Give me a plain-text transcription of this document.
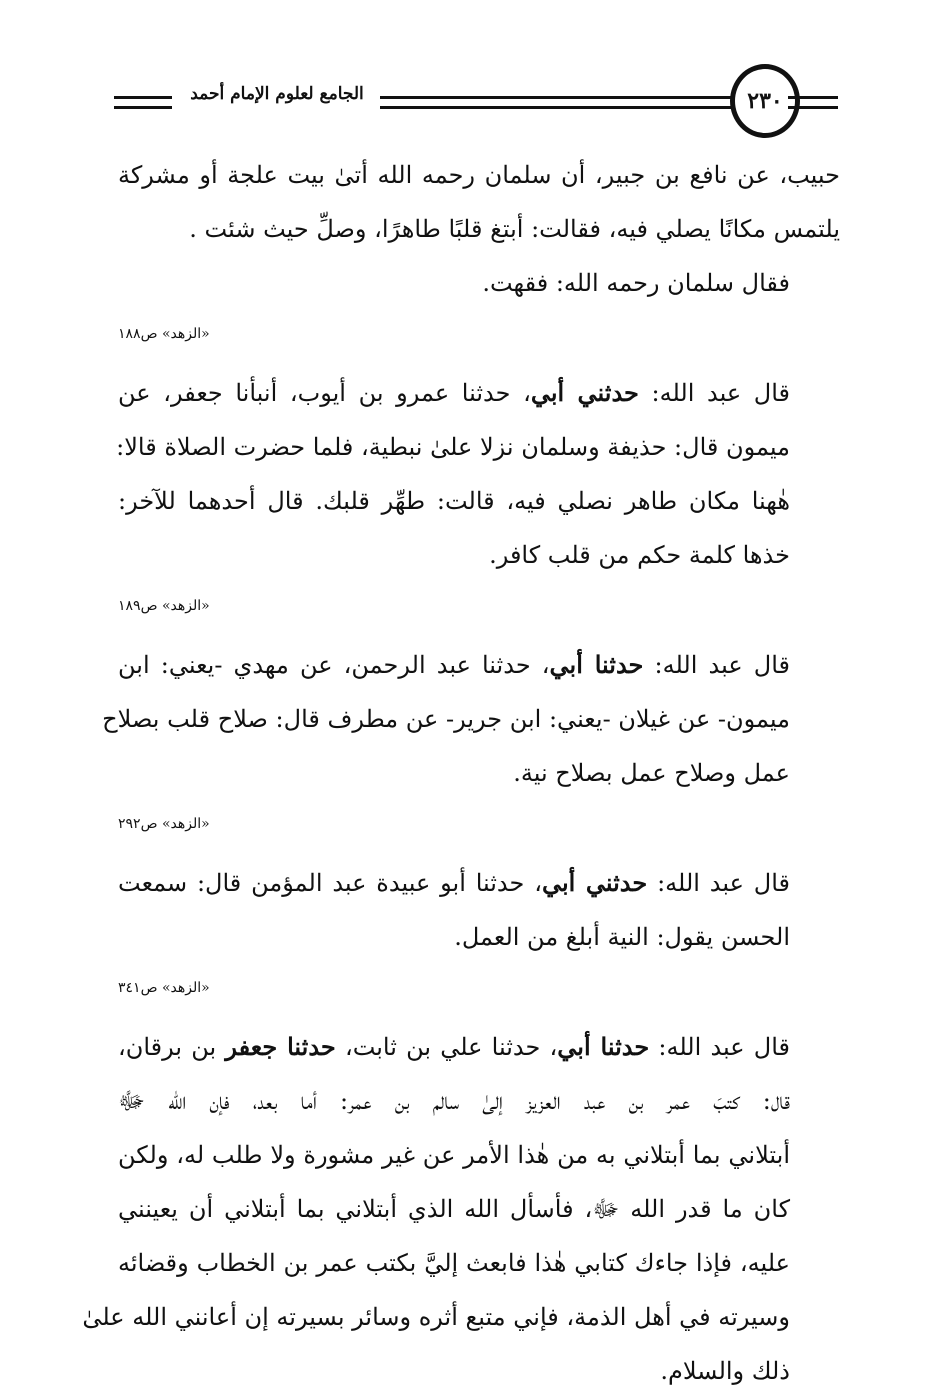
الجامع لعلوم الإمام أحمد	٢٣٠

حبيب، عن نافع بن جبير، أن سلمان رحمه الله أتىٰ بيت علجة أو مشركة
يلتمس مكانًا يصلي فيه، فقالت: أبتغ قلبًا طاهرًا، وصلِّ حيث شئت .

فقال سلمان رحمه الله: فقهت.

«الزهد» ص١٨٨

قال عبد الله: حدثني أبي، حدثنا عمرو بن أيوب، أنبأنا جعفر، عن
ميمون قال: حذيفة وسلمان نزلا علىٰ نبطية، فلما حضرت الصلاة قالا:
هٰهنا مكان طاهر نصلي فيه، قالت: طهِّر قلبك. قال أحدهما للآخر:
خذها كلمة حكم من قلب كافر.

«الزهد» ص١٨٩

قال عبد الله: حدثنا أبي، حدثنا عبد الرحمن، عن مهدي -يعني: ابن
ميمون- عن غيلان -يعني: ابن جرير- عن مطرف قال: صلاح قلب بصلاح
عمل وصلاح عمل بصلاح نية.

«الزهد» ص٢٩٢

قال عبد الله: حدثني أبي، حدثنا أبو عبيدة عبد المؤمن قال: سمعت
الحسن يقول: النية أبلغ من العمل.

«الزهد» ص٣٤١

قال عبد الله: حدثنا أبي، حدثنا علي بن ثابت، حدثنا جعفر بن برقان،
قال: كتبَ عمر بن عبد العزيز إلىٰ سالم بن عمر: أما بعد، فإن الله ﷻ
أبتلاني بما أبتلاني به من هٰذا الأمر عن غير مشورة ولا طلب له، ولكن
كان ما قدر الله ﷻ، فأسأل الله الذي أبتلاني بما أبتلاني أن يعينني
عليه، فإذا جاءك كتابي هٰذا فابعث إليَّ بكتب عمر بن الخطاب وقضائه
وسيرته في أهل الذمة، فإني متبع أثره وسائر بسيرته إن أعانني الله علىٰ
ذلك والسلام.
